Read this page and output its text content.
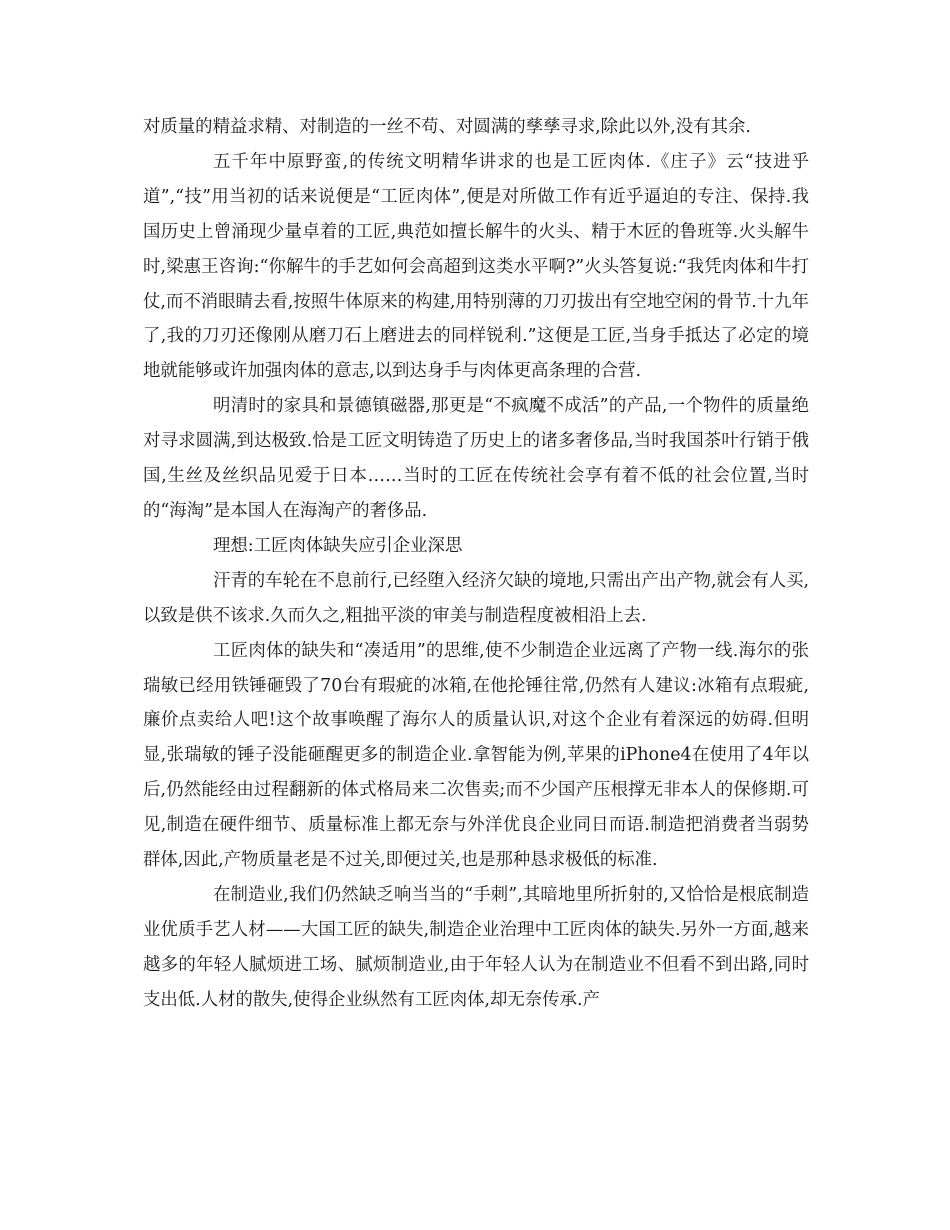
对质量的精益求精、对制造的一丝不苟、对圆满的孳孳寻求,除此以外,没有其余.

五千年中原野蛮,的传统文明精华讲求的也是工匠肉体.《庄子》云“技进乎道”,“技”用当初的话来说便是“工匠肉体”,便是对所做工作有近乎逼迫的专注、保持.我国历史上曾涌现少量卓着的工匠,典范如擅长解牛的火头、精于木匠的鲁班等.火头解牛时,梁惠王咨询:“你解牛的手艺如何会高超到这类水平啊?”火头答复说:“我凭肉体和牛打仗,而不消眼睛去看,按照牛体原来的构建,用特别薄的刀刃拔出有空地空闲的骨节.十九年了,我的刀刃还像刚从磨刀石上磨进去的同样锐利.”这便是工匠,当身手抵达了必定的境地就能够或许加强肉体的意志,以到达身手与肉体更高条理的合营.

明清时的家具和景德镇磁器,那更是“不疯魔不成活”的产品,一个物件的质量绝对寻求圆满,到达极致.恰是工匠文明铸造了历史上的诸多奢侈品,当时我国茶叶行销于俄国,生丝及丝织品见爱于日本……当时的工匠在传统社会享有着不低的社会位置,当时的“海淘”是本国人在海淘产的奢侈品.

理想:工匠肉体缺失应引企业深思

汗青的车轮在不息前行,已经堕入经济欠缺的境地,只需出产出产物,就会有人买,以致是供不该求.久而久之,粗拙平淡的审美与制造程度被相沿上去.

工匠肉体的缺失和“凑适用”的思维,使不少制造企业远离了产物一线.海尔的张瑞敏已经用铁锤砸毁了70台有瑕疵的冰箱,在他抡锤往常,仍然有人建议:冰箱有点瑕疵,廉价点卖给人吧!这个故事唤醒了海尔人的质量认识,对这个企业有着深远的妨碍.但明显,张瑞敏的锤子没能砸醒更多的制造企业.拿智能为例,苹果的iPhone4在使用了4年以后,仍然能经由过程翻新的体式格局来二次售卖;而不少国产压根撑无非本人的保修期.可见,制造在硬件细节、质量标准上都无奈与外洋优良企业同日而语.制造把消费者当弱势群体,因此,产物质量老是不过关,即便过关,也是那种恳求极低的标准.

在制造业,我们仍然缺乏响当当的“手刺”,其暗地里所折射的,又恰恰是根底制造业优质手艺人材——大国工匠的缺失,制造企业治理中工匠肉体的缺失.另外一方面,越来越多的年轻人腻烦进工场、腻烦制造业,由于年轻人认为在制造业不但看不到出路,同时支出低.人材的散失,使得企业纵然有工匠肉体,却无奈传承.产
